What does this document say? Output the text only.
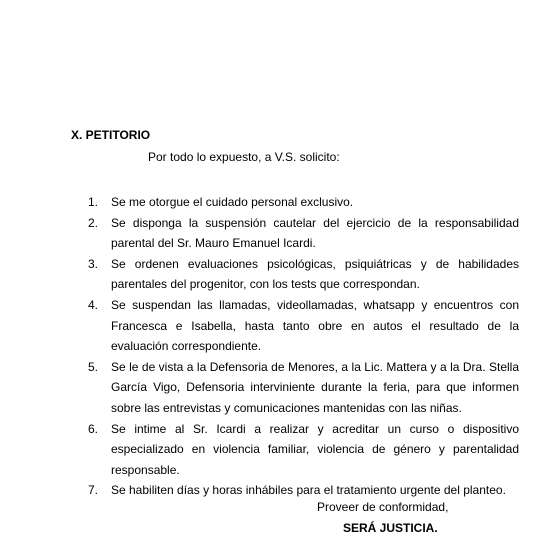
X. PETITORIO
Por todo lo expuesto, a V.S. solicito:
1. Se me otorgue el cuidado personal exclusivo.
2. Se disponga la suspensión cautelar del ejercicio de la responsabilidad parental del Sr. Mauro Emanuel Icardi.
3. Se ordenen evaluaciones psicológicas, psiquiátricas y de habilidades parentales del progenitor, con los tests que correspondan.
4. Se suspendan las llamadas, videollamadas, whatsapp y encuentros con Francesca e Isabella, hasta tanto obre en autos el resultado de la evaluación correspondiente.
5. Se le de vista a la Defensoria de Menores, a la Lic. Mattera y a la Dra. Stella García Vigo, Defensoria interviniente durante la feria, para que informen sobre las entrevistas y comunicaciones mantenidas con las niñas.
6. Se intime al Sr. Icardi a realizar y acreditar un curso o dispositivo especializado en violencia familiar, violencia de género y parentalidad responsable.
7. Se habiliten días y horas inhábiles para el tratamiento urgente del planteo.
Proveer de conformidad,
SERÁ JUSTICIA.
